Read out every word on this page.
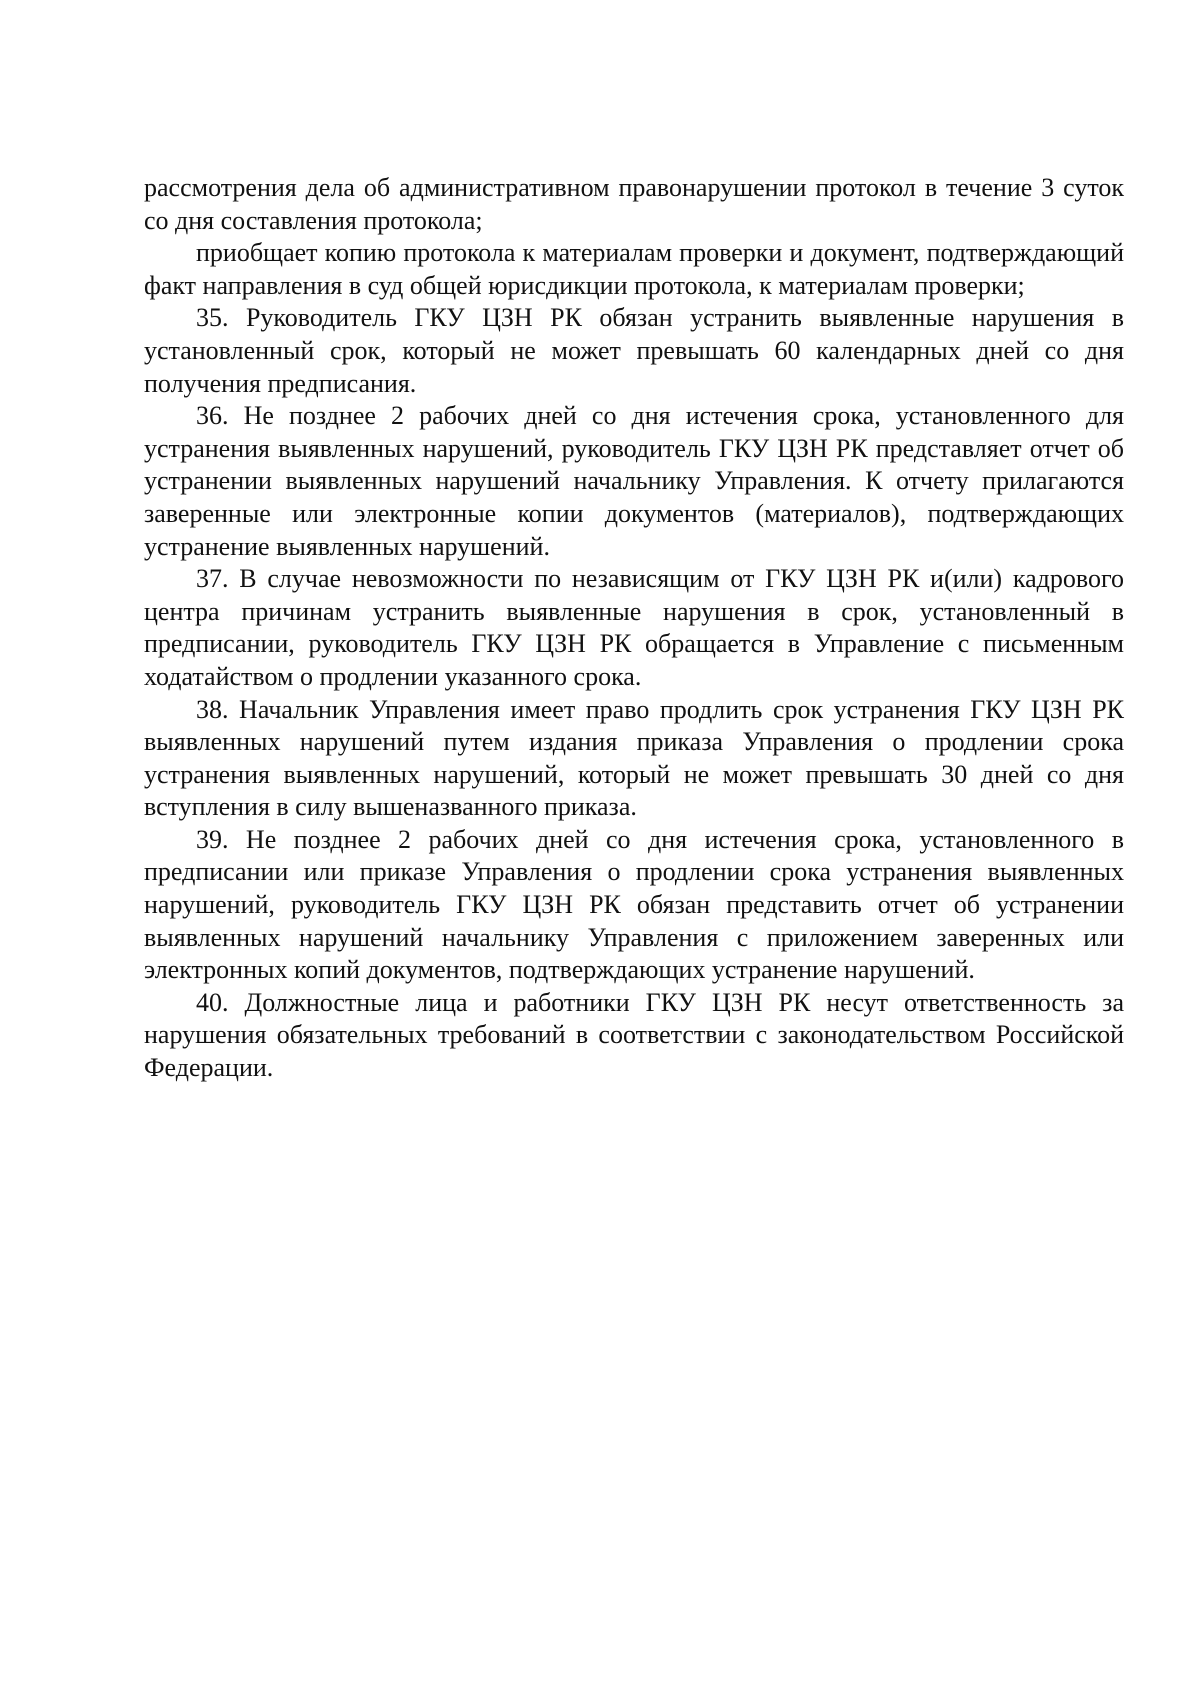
рассмотрения дела об административном правонарушении протокол в течение 3 суток со дня составления протокола;

приобщает копию протокола к материалам проверки и документ, подтверждающий факт направления в суд общей юрисдикции протокола, к материалам проверки;

35. Руководитель ГКУ ЦЗН РК обязан устранить выявленные нарушения в установленный срок, который не может превышать 60 календарных дней со дня получения предписания.

36. Не позднее 2 рабочих дней со дня истечения срока, установленного для устранения выявленных нарушений, руководитель ГКУ ЦЗН РК представляет отчет об устранении выявленных нарушений начальнику Управления. К отчету прилагаются заверенные или электронные копии документов (материалов), подтверждающих устранение выявленных нарушений.

37. В случае невозможности по независящим от ГКУ ЦЗН РК и(или) кадрового центра причинам устранить выявленные нарушения в срок, установленный в предписании, руководитель ГКУ ЦЗН РК обращается в Управление с письменным ходатайством о продлении указанного срока.

38. Начальник Управления имеет право продлить срок устранения ГКУ ЦЗН РК выявленных нарушений путем издания приказа Управления о продлении срока устранения выявленных нарушений, который не может превышать 30 дней со дня вступления в силу вышеназванного приказа.

39. Не позднее 2 рабочих дней со дня истечения срока, установленного в предписании или приказе Управления о продлении срока устранения выявленных нарушений, руководитель ГКУ ЦЗН РК обязан представить отчет об устранении выявленных нарушений начальнику Управления с приложением заверенных или электронных копий документов, подтверждающих устранение нарушений.

40. Должностные лица и работники ГКУ ЦЗН РК несут ответственность за нарушения обязательных требований в соответствии с законодательством Российской Федерации.
